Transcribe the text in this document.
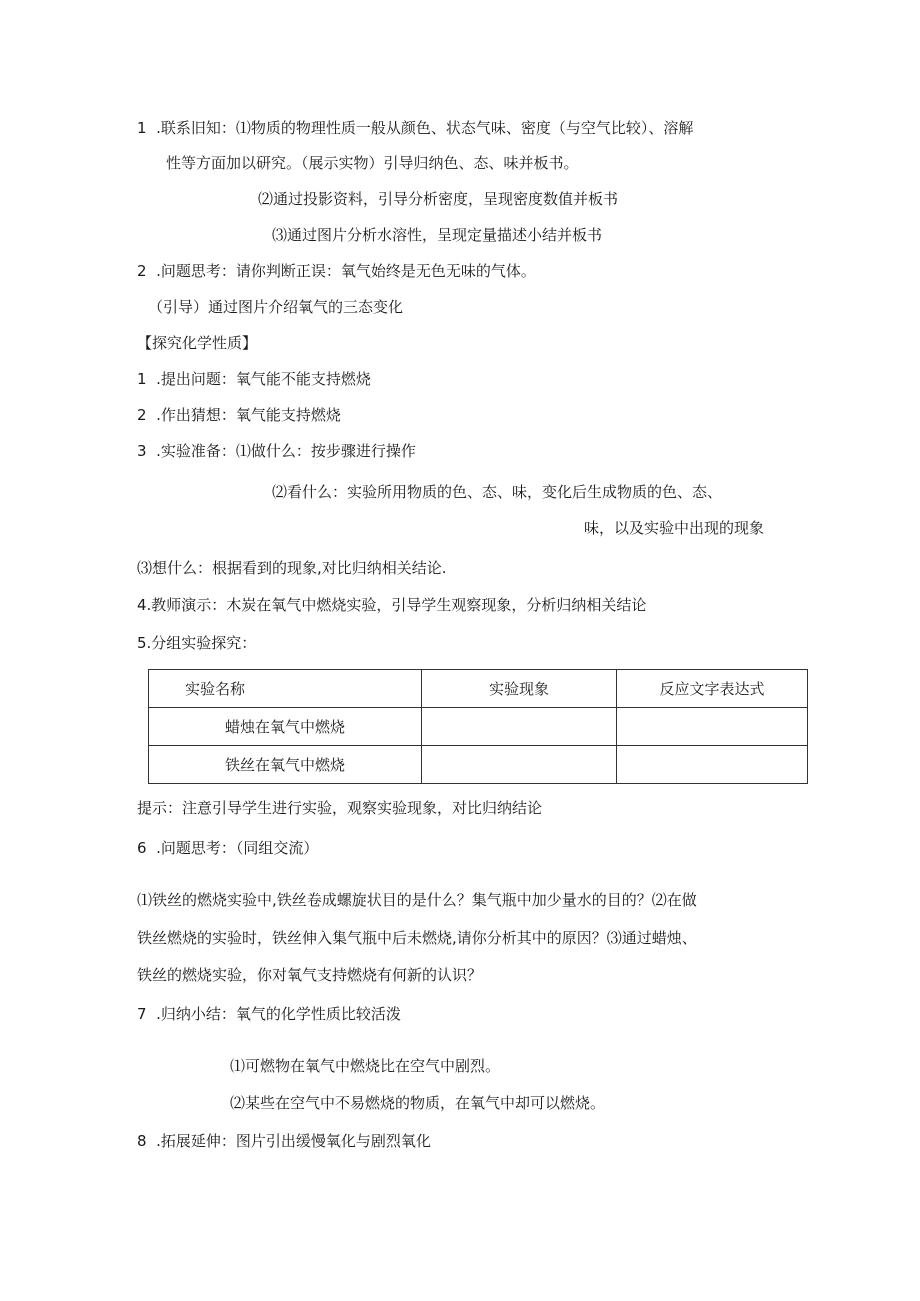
1  .联系旧知：⑴物质的物理性质一般从颜色、状态气味、密度（与空气比较）、溶解
性等方面加以研究。（展示实物）引导归纳色、态、味并板书。
⑵通过投影资料，引导分析密度，呈现密度数值并板书
⑶通过图片分析水溶性，呈现定量描述小结并板书
2  .问题思考：请你判断正误：氧气始终是无色无味的气体。
（引导）通过图片介绍氧气的三态变化
【探究化学性质】
1  .提出问题：氧气能不能支持燃烧
2  .作出猜想：氧气能支持燃烧
3  .实验准备：⑴做什么：按步骤进行操作
⑵看什么：实验所用物质的色、态、味，变化后生成物质的色、态、
味，以及实验中出现的现象
⑶想什么：根据看到的现象,对比归纳相关结论.
4.教师演示：木炭在氧气中燃烧实验，引导学生观察现象，分析归纳相关结论
5.分组实验探究：
实验名称	实验现象	反应文字表达式
蜡烛在氧气中燃烧		
铁丝在氧气中燃烧		
提示：注意引导学生进行实验，观察实验现象，对比归纳结论
6  .问题思考：（同组交流）
⑴铁丝的燃烧实验中,铁丝卷成螺旋状目的是什么？集气瓶中加少量水的目的？⑵在做
铁丝燃烧的实验时，铁丝伸入集气瓶中后未燃烧,请你分析其中的原因？⑶通过蜡烛、
铁丝的燃烧实验，你对氧气支持燃烧有何新的认识？
7  .归纳小结：氧气的化学性质比较活泼
⑴可燃物在氧气中燃烧比在空气中剧烈。
⑵某些在空气中不易燃烧的物质，在氧气中却可以燃烧。
8  .拓展延伸：图片引出缓慢氧化与剧烈氧化
